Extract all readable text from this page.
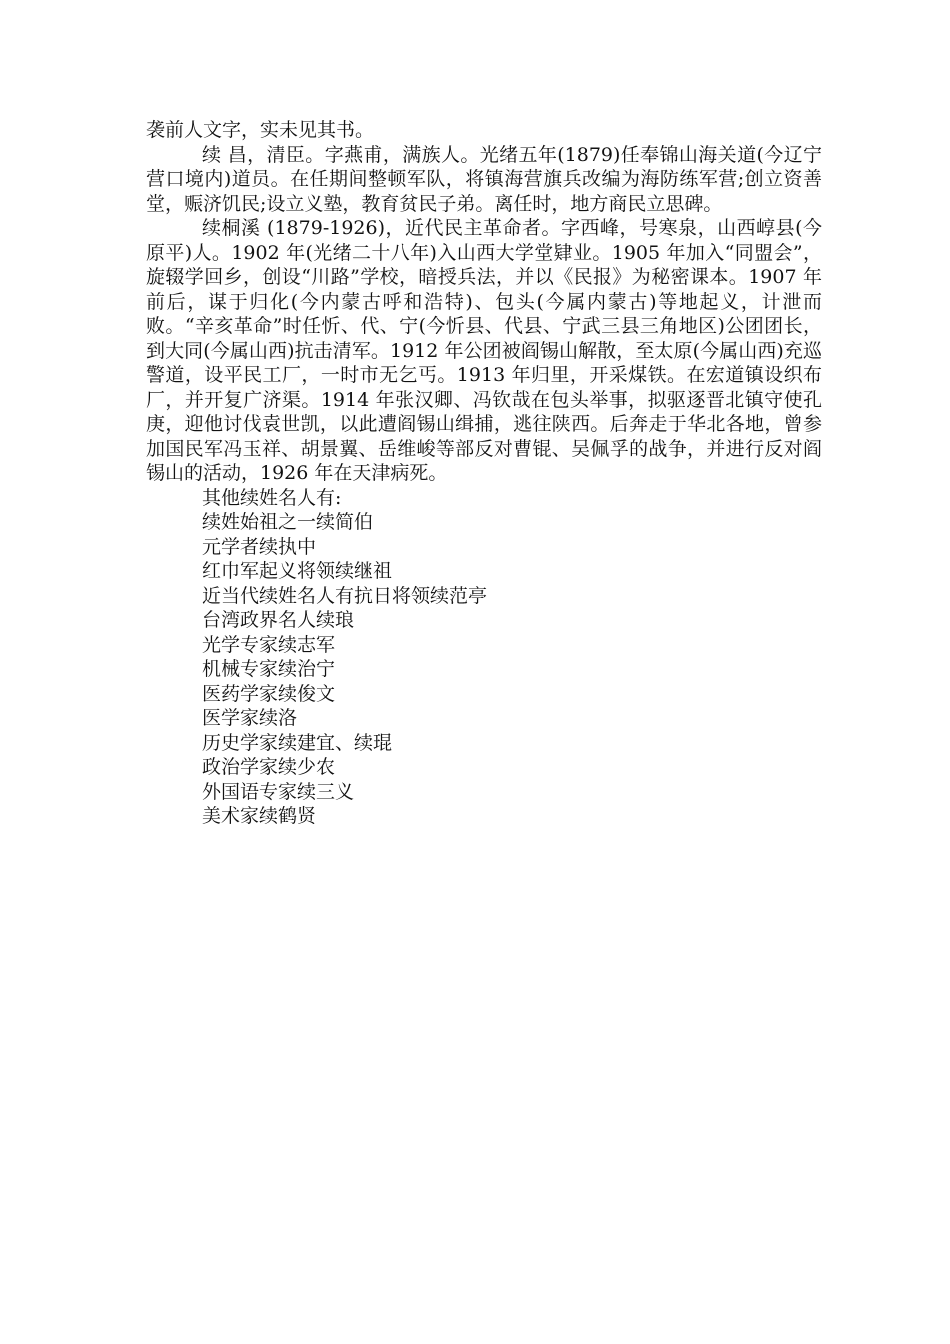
袭前人文字，实未见其书。

续 昌，清臣。字燕甫，满族人。光绪五年(1879)任奉锦山海关道(今辽宁营口境内)道员。在任期间整顿军队，将镇海营旗兵改编为海防练军营;创立资善堂，赈济饥民;设立义塾，教育贫民子弟。离任时，地方商民立思碑。

续桐溪 (1879-1926)，近代民主革命者。字西峰，号寒泉，山西崞县(今原平)人。1902 年(光绪二十八年)入山西大学堂肄业。1905 年加入“同盟会”，旋辍学回乡，创设“川路”学校，暗授兵法，并以《民报》为秘密课本。1907 年前后，谋于归化(今内蒙古呼和浩特)、包头(今属内蒙古)等地起义，计泄而败。“辛亥革命”时任忻、代、宁(今忻县、代县、宁武三县三角地区)公团团长，到大同(今属山西)抗击清军。1912 年公团被阎锡山解散，至太原(今属山西)充巡警道，设平民工厂，一时市无乞丐。1913 年归里，开采煤铁。在宏道镇设织布厂，并开复广济渠。1914 年张汉卿、冯钦哉在包头举事，拟驱逐晋北镇守使孔庚，迎他讨伐袁世凯，以此遭阎锡山缉捕，逃往陕西。后奔走于华北各地，曾参加国民军冯玉祥、胡景翼、岳维峻等部反对曹锟、吴佩孚的战争，并进行反对阎锡山的活动，1926 年在天津病死。

其他续姓名人有:

续姓始祖之一续简伯
元学者续执中
红巾军起义将领续继祖
近当代续姓名人有抗日将领续范亭
台湾政界名人续琅
光学专家续志军
机械专家续治宁
医药学家续俊文
医学家续洛
历史学家续建宜、续琨
政治学家续少农
外国语专家续三义
美术家续鹤贤
